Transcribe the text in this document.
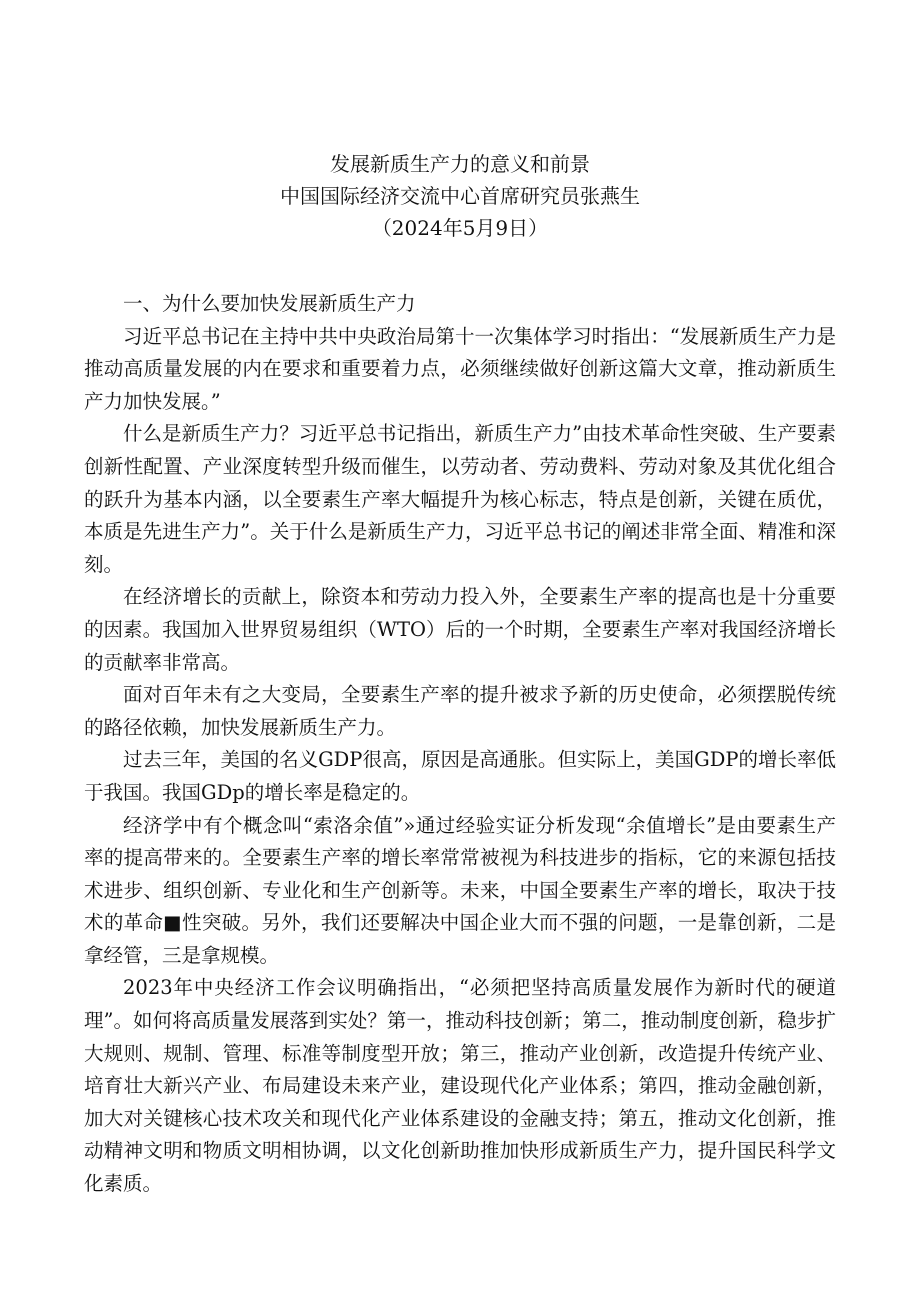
发展新质生产力的意义和前景
中国国际经济交流中心首席研究员张燕生
（2024年5月9日）

一、为什么要加快发展新质生产力

习近平总书记在主持中共中央政治局第十一次集体学习时指出：“发展新质生产力是推动高质量发展的内在要求和重要着力点，必须继续做好创新这篇大文章，推动新质生产力加快发展。”

什么是新质生产力？习近平总书记指出，新质生产力”由技术革命性突破、生产要素创新性配置、产业深度转型升级而催生，以劳动者、劳动费料、劳动对象及其优化组合的跃升为基本内涵，以全要素生产率大幅提升为核心标志，特点是创新，关键在质优，本质是先进生产力”。关于什么是新质生产力，习近平总书记的阐述非常全面、精准和深刻。

在经济增长的贡献上，除资本和劳动力投入外，全要素生产率的提高也是十分重要的因素。我国加入世界贸易组织（WTO）后的一个时期，全要素生产率对我国经济增长的贡献率非常高。

面对百年未有之大变局，全要素生产率的提升被求予新的历史使命，必须摆脱传统的路径依赖，加快发展新质生产力。

过去三年，美国的名义GDP很高，原因是高通胀。但实际上，美国GDP的增长率低于我国。我国GDp的增长率是稳定的。

经济学中有个概念叫“索洛余值”»通过经验实证分析发现“余值增长”是由要素生产率的提高带来的。全要素生产率的增长率常常被视为科技进步的指标，它的来源包括技术进步、组织创新、专业化和生产创新等。未来，中国全要素生产率的增长，取决于技术的革命■性突破。另外，我们还要解决中国企业大而不强的问题，一是靠创新，二是拿经管，三是拿规模。

2023年中央经济工作会议明确指出，“必须把坚持高质量发展作为新时代的硬道理”。如何将高质量发展落到实处？第一，推动科技创新；第二，推动制度创新，稳步扩大规则、规制、管理、标准等制度型开放；第三，推动产业创新，改造提升传统产业、培育壮大新兴产业、布局建设未来产业，建设现代化产业体系；第四，推动金融创新，加大对关键核心技术攻关和现代化产业体系建设的金融支持；第五，推动文化创新，推动精神文明和物质文明相协调，以文化创新助推加快形成新质生产力，提升国民科学文化素质。
